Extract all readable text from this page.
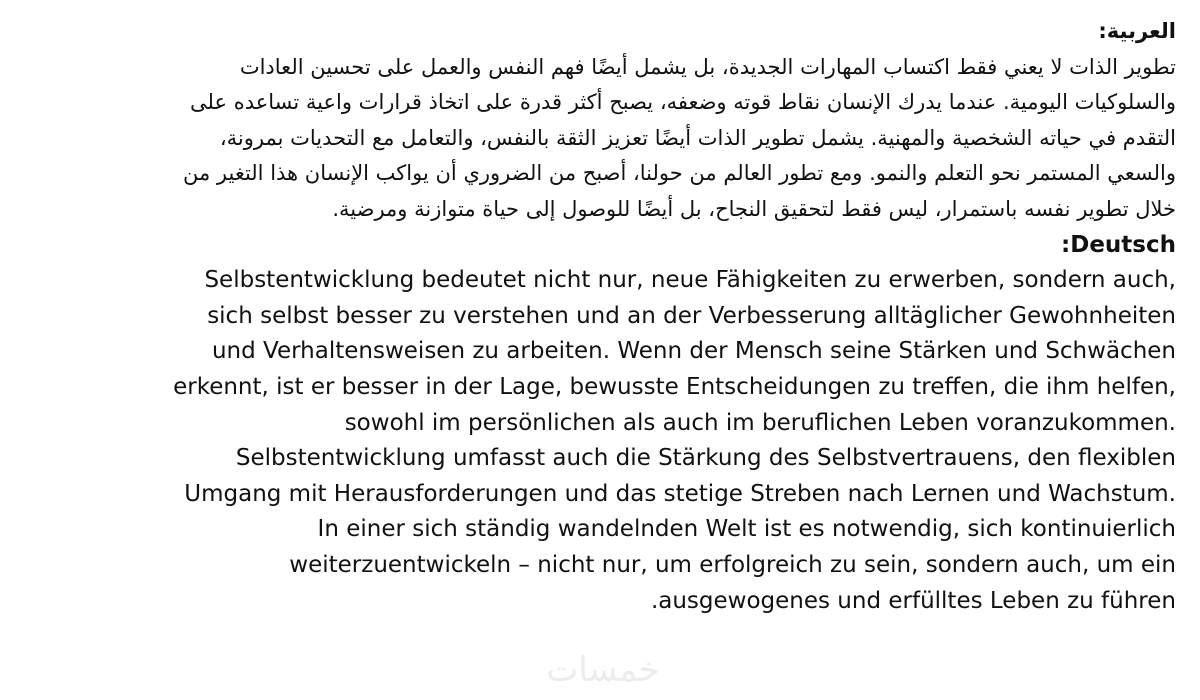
خمسات
العربية:

تطوير الذات لا يعني فقط اكتساب المهارات الجديدة، بل يشمل أيضًا فهم النفس والعمل على تحسين العادات والسلوكيات اليومية. عندما يدرك الإنسان نقاط قوته وضعفه، يصبح أكثر قدرة على اتخاذ قرارات واعية تساعده على التقدم في حياته الشخصية والمهنية. يشمل تطوير الذات أيضًا تعزيز الثقة بالنفس، والتعامل مع التحديات بمرونة، والسعي المستمر نحو التعلم والنمو. ومع تطور العالم من حولنا، أصبح من الضروري أن يواكب الإنسان هذا التغير من خلال تطوير نفسه باستمرار، ليس فقط لتحقيق النجاح، بل أيضًا للوصول إلى حياة متوازنة ومرضية.

Deutsch:

Selbstentwicklung bedeutet nicht nur, neue Fähigkeiten zu erwerben, sondern auch, sich selbst besser zu verstehen und an der Verbesserung alltäglicher Gewohnheiten und Verhaltensweisen zu arbeiten. Wenn der Mensch seine Stärken und Schwächen erkennt, ist er besser in der Lage, bewusste Entscheidungen zu treffen, die ihm helfen, sowohl im persönlichen als auch im beruflichen Leben voranzukommen. Selbstentwicklung umfasst auch die Stärkung des Selbstvertrauens, den flexiblen Umgang mit Herausforderungen und das stetige Streben nach Lernen und Wachstum. In einer sich ständig wandelnden Welt ist es notwendig, sich kontinuierlich weiterzuentwickeln – nicht nur, um erfolgreich zu sein, sondern auch, um ein ausgewogenes und erfülltes Leben zu führen.
